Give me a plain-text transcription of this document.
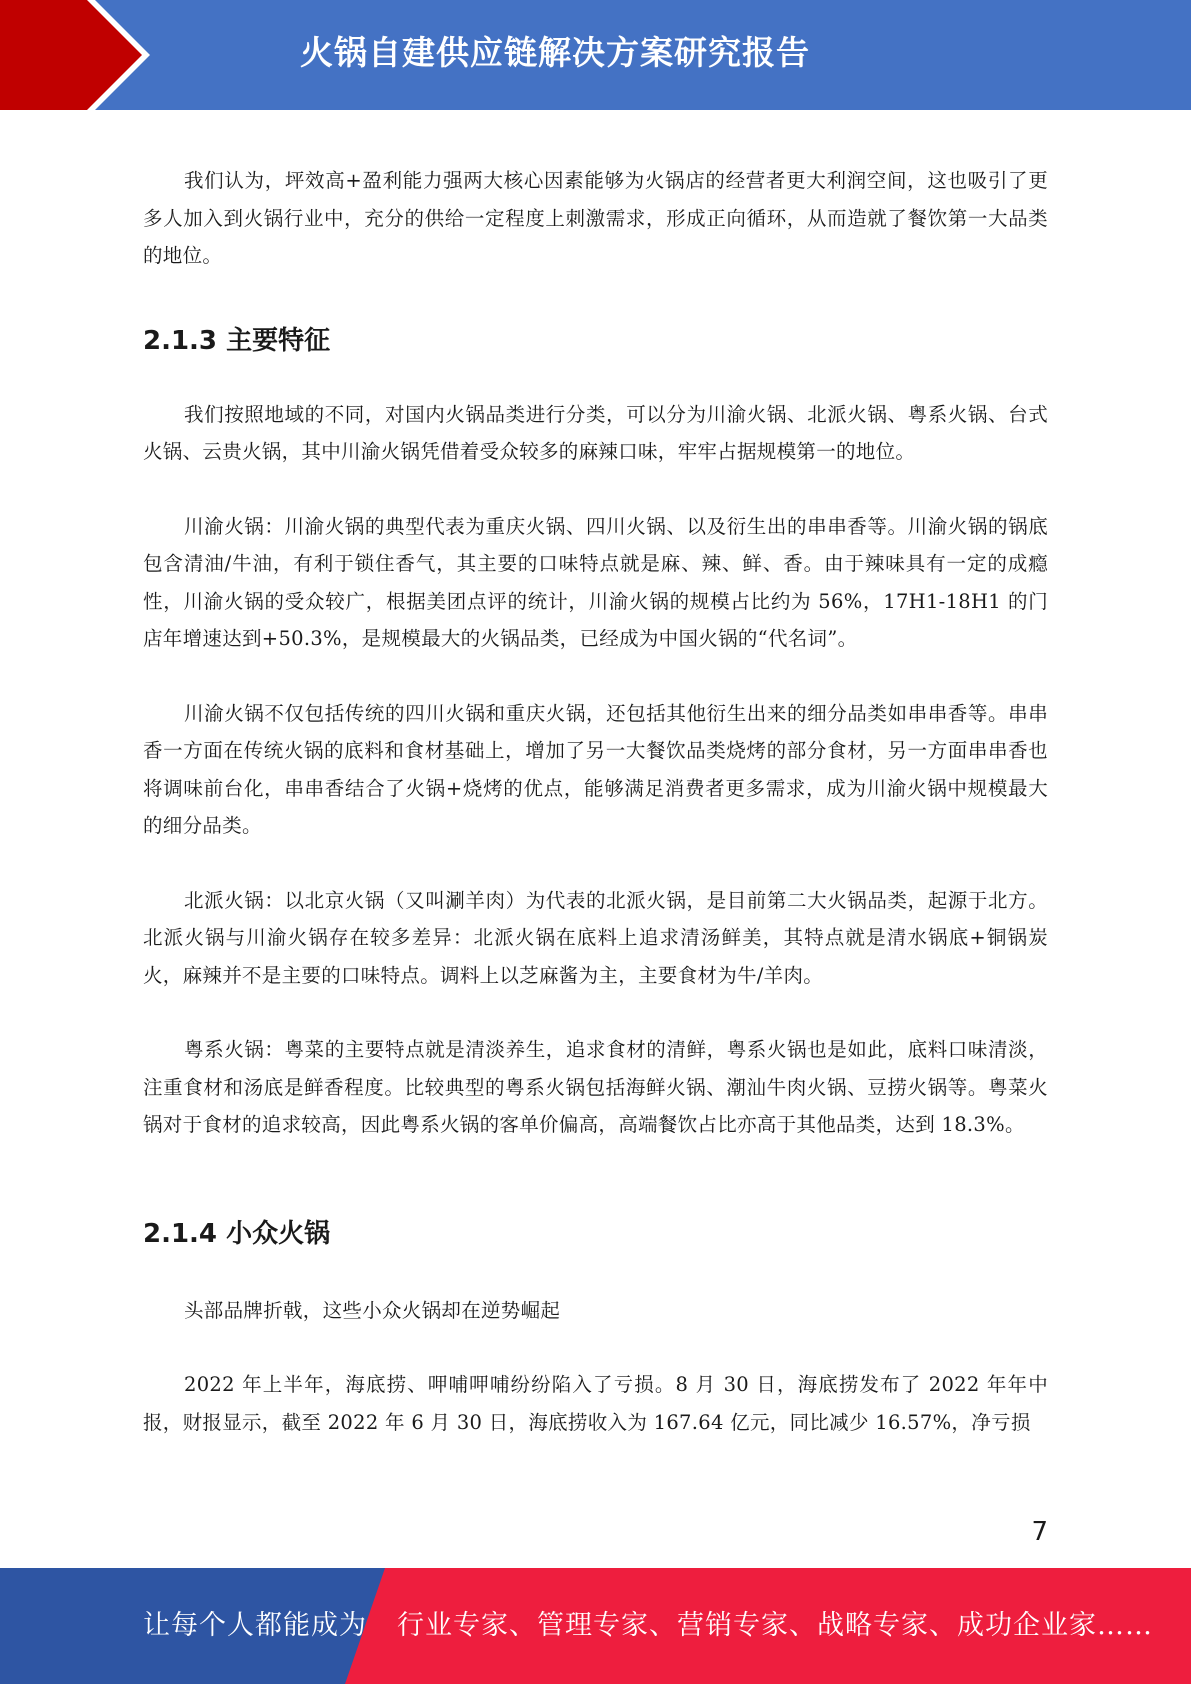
火锅自建供应链解决方案研究报告

我们认为，坪效高+盈利能力强两大核心因素能够为火锅店的经营者更大利润空间，这也吸引了更多人加入到火锅行业中，充分的供给一定程度上刺激需求，形成正向循环，从而造就了餐饮第一大品类的地位。

2.1.3 主要特征

我们按照地域的不同，对国内火锅品类进行分类，可以分为川渝火锅、北派火锅、粤系火锅、台式火锅、云贵火锅，其中川渝火锅凭借着受众较多的麻辣口味，牢牢占据规模第一的地位。

川渝火锅：川渝火锅的典型代表为重庆火锅、四川火锅、以及衍生出的串串香等。川渝火锅的锅底包含清油/牛油，有利于锁住香气，其主要的口味特点就是麻、辣、鲜、香。由于辣味具有一定的成瘾性，川渝火锅的受众较广，根据美团点评的统计，川渝火锅的规模占比约为 56%，17H1-18H1 的门店年增速达到+50.3%，是规模最大的火锅品类，已经成为中国火锅的“代名词”。

川渝火锅不仅包括传统的四川火锅和重庆火锅，还包括其他衍生出来的细分品类如串串香等。串串香一方面在传统火锅的底料和食材基础上，增加了另一大餐饮品类烧烤的部分食材，另一方面串串香也将调味前台化，串串香结合了火锅+烧烤的优点，能够满足消费者更多需求，成为川渝火锅中规模最大的细分品类。

北派火锅：以北京火锅（又叫涮羊肉）为代表的北派火锅，是目前第二大火锅品类，起源于北方。北派火锅与川渝火锅存在较多差异：北派火锅在底料上追求清汤鲜美，其特点就是清水锅底+铜锅炭火，麻辣并不是主要的口味特点。调料上以芝麻酱为主，主要食材为牛/羊肉。

粤系火锅：粤菜的主要特点就是清淡养生，追求食材的清鲜，粤系火锅也是如此，底料口味清淡，注重食材和汤底是鲜香程度。比较典型的粤系火锅包括海鲜火锅、潮汕牛肉火锅、豆捞火锅等。粤菜火锅对于食材的追求较高，因此粤系火锅的客单价偏高，高端餐饮占比亦高于其他品类，达到 18.3%。

2.1.4 小众火锅

头部品牌折戟，这些小众火锅却在逆势崛起

2022 年上半年，海底捞、呷哺呷哺纷纷陷入了亏损。8 月 30 日，海底捞发布了 2022 年年中报，财报显示，截至 2022 年 6 月 30 日，海底捞收入为 167.64 亿元，同比减少 16.57%，净亏损

7
让每个人都能成为 行业专家、管理专家、营销专家、战略专家、成功企业家……
